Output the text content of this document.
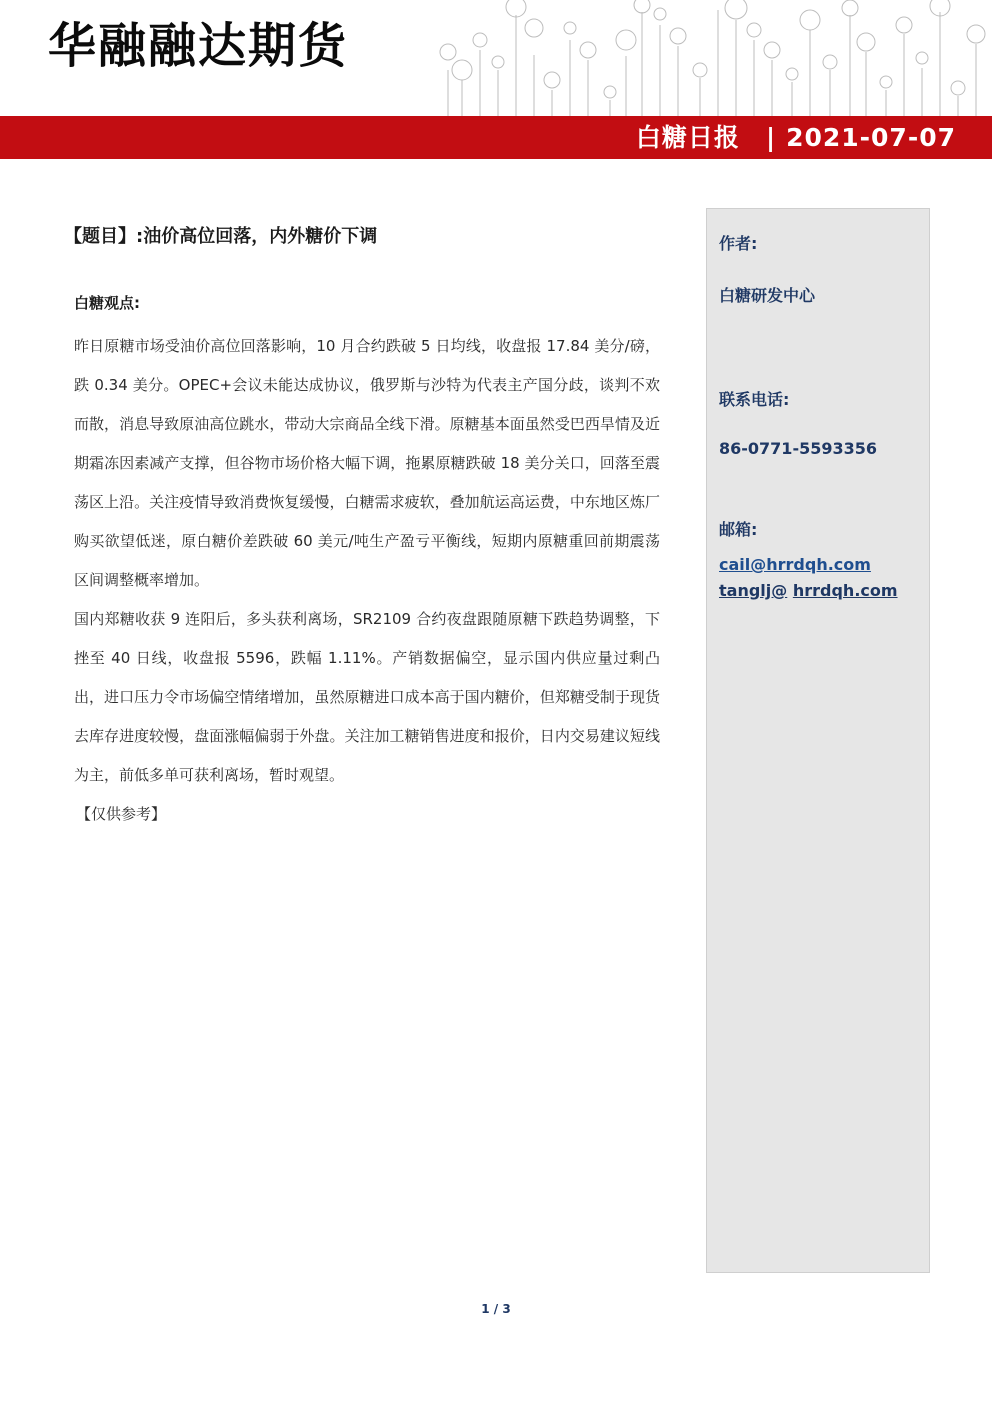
华融融达期货
白糖日报 | 2021-07-07
【题目】:油价高位回落，内外糖价下调
白糖观点:
昨日原糖市场受油价高位回落影响，10 月合约跌破 5 日均线，收盘报 17.84 美分/磅，跌 0.34 美分。OPEC+会议未能达成协议，俄罗斯与沙特为代表主产国分歧，谈判不欢而散，消息导致原油高位跳水，带动大宗商品全线下滑。原糖基本面虽然受巴西旱情及近期霜冻因素减产支撑，但谷物市场价格大幅下调，拖累原糖跌破 18 美分关口，回落至震荡区上沿。关注疫情导致消费恢复缓慢，白糖需求疲软，叠加航运高运费，中东地区炼厂购买欲望低迷，原白糖价差跌破 60 美元/吨生产盈亏平衡线，短期内原糖重回前期震荡区间调整概率增加。
国内郑糖收获 9 连阳后，多头获利离场，SR2109 合约夜盘跟随原糖下跌趋势调整，下挫至 40 日线，收盘报 5596，跌幅 1.11%。产销数据偏空，显示国内供应量过剩凸出，进口压力令市场偏空情绪增加，虽然原糖进口成本高于国内糖价，但郑糖受制于现货去库存进度较慢，盘面涨幅偏弱于外盘。关注加工糖销售进度和报价，日内交易建议短线为主，前低多单可获利离场，暂时观望。
【仅供参考】
作者:
白糖研发中心
联系电话:
86-0771-5593356
邮箱:
cail@hrrdqh.com
tanglj@ hrrdqh.com
1 / 3
